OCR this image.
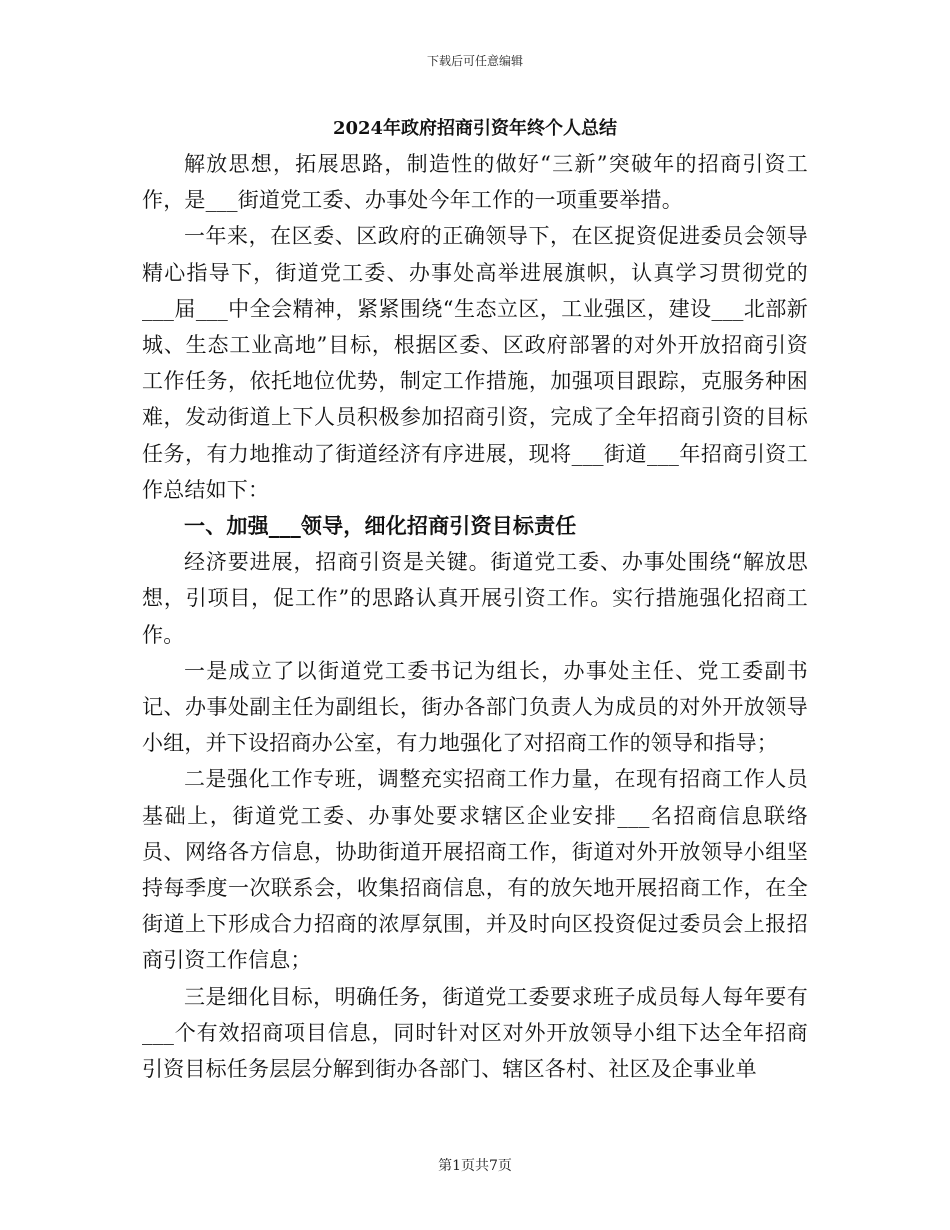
下载后可任意编辑
2024年政府招商引资年终个人总结

解放思想，拓展思路，制造性的做好“三新”突破年的招商引资工作，是___街道党工委、办事处今年工作的一项重要举措。

一年来，在区委、区政府的正确领导下，在区捉资促进委员会领导精心指导下，街道党工委、办事处高举进展旗帜，认真学习贯彻党的___届___中全会精神，紧紧围绕“生态立区，工业强区，建设___北部新城、生态工业高地”目标，根据区委、区政府部署的对外开放招商引资工作任务，依托地位优势，制定工作措施，加强项目跟踪，克服务种困难，发动街道上下人员积极参加招商引资，完成了全年招商引资的目标任务，有力地推动了街道经济有序进展，现将___街道___年招商引资工作总结如下：

一、加强___领导，细化招商引资目标责任

经济要进展，招商引资是关键。街道党工委、办事处围绕“解放思想，引项目，促工作”的思路认真开展引资工作。实行措施强化招商工作。

一是成立了以街道党工委书记为组长，办事处主任、党工委副书记、办事处副主任为副组长，街办各部门负责人为成员的对外开放领导小组，并下设招商办公室，有力地强化了对招商工作的领导和指导；

二是强化工作专班，调整充实招商工作力量，在现有招商工作人员基础上，街道党工委、办事处要求辖区企业安排___名招商信息联络员、网络各方信息，协助街道开展招商工作，街道对外开放领导小组坚持每季度一次联系会，收集招商信息，有的放矢地开展招商工作，在全街道上下形成合力招商的浓厚氛围，并及时向区投资促过委员会上报招商引资工作信息；

三是细化目标，明确任务，街道党工委要求班子成员每人每年要有___个有效招商项目信息，同时针对区对外开放领导小组下达全年招商引资目标任务层层分解到街办各部门、辖区各村、社区及企事业单

第1页共7页
